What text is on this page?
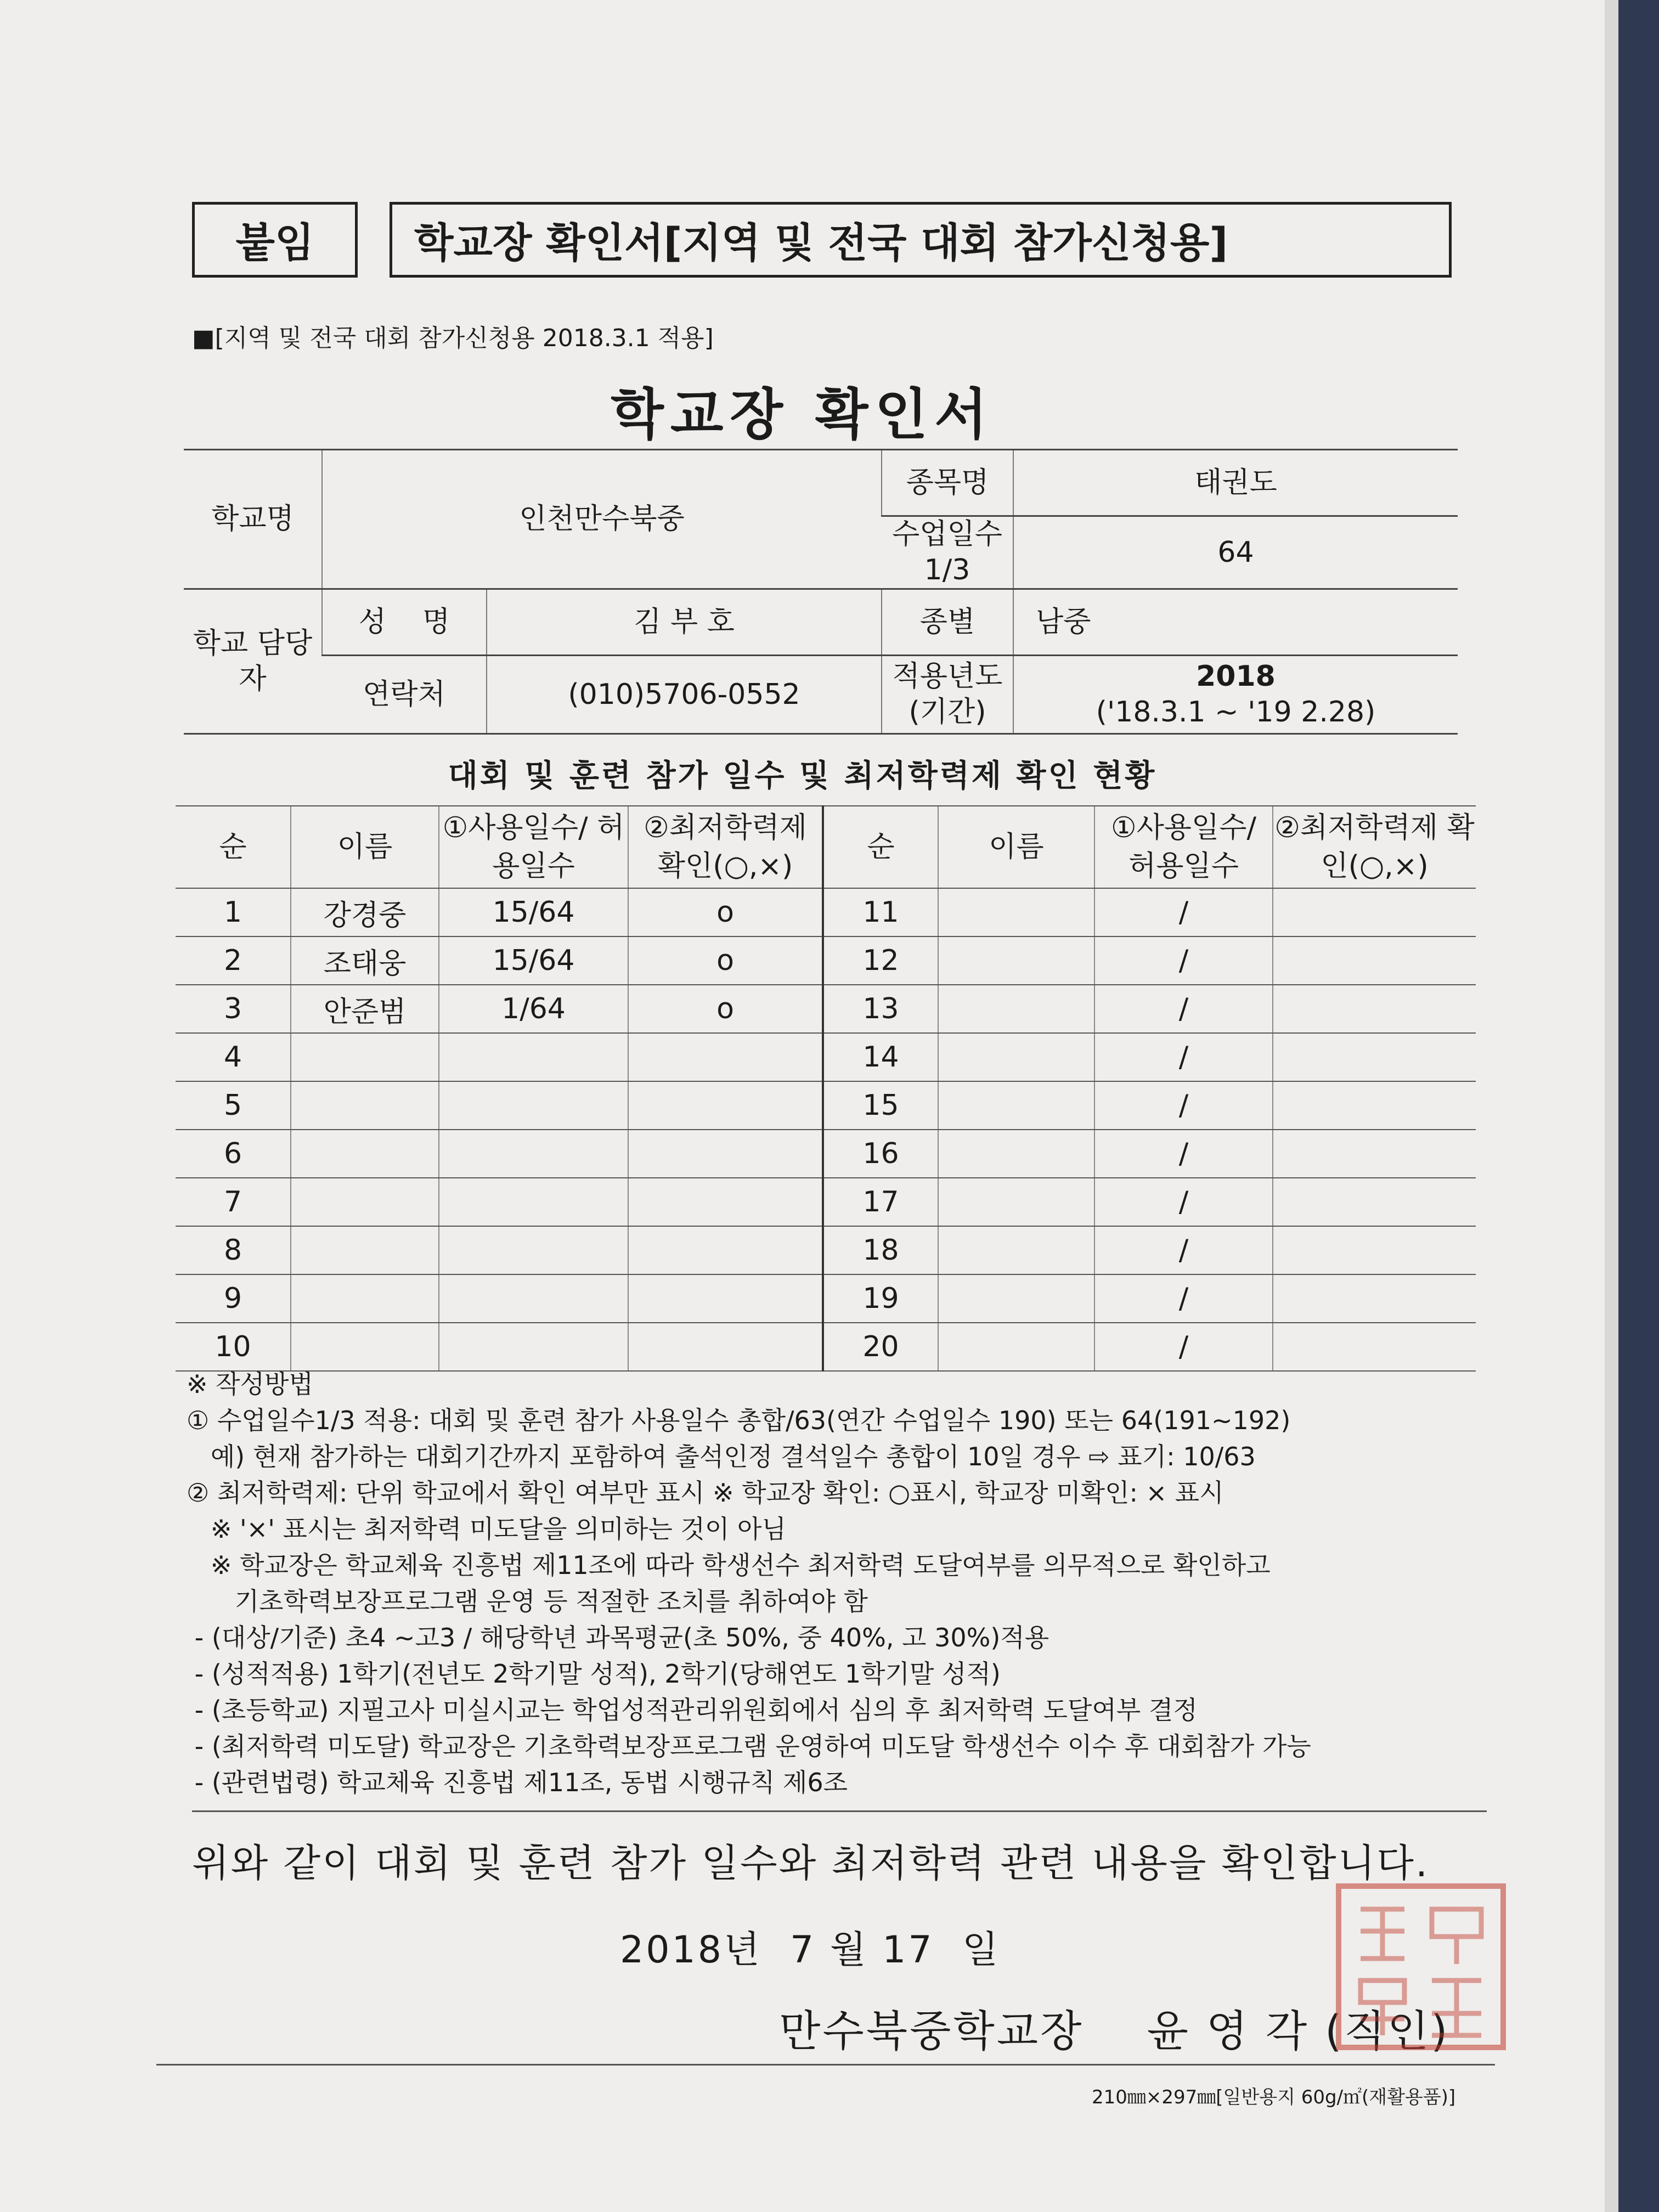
붙임	학교장 확인서[지역 및 전국 대회 참가신청용]
■[지역 및 전국 대회 참가신청용 2018.3.1 적용]
학교장 확인서
학교명	인천만수북중		종목명	태권도
			수업일수 1/3	64
학교 담당자	성    명	김 부 호	종별	남중
	연락처	(010)5706-0552	적용년도 (기간)	2018
('18.3.1 ~ '19 2.28)
대회 및 훈련 참가 일수 및 최저학력제 확인 현황
순	이름	①사용일수/ 허용일수	②최저학력제 확인(○,×)	순	이름	①사용일수/ 허용일수	②최저학력제 확인(○,×)
1	강경중	15/64	o	11		/	
2	조태웅	15/64	o	12		/	
3	안준범	1/64	o	13		/	
4				14		/	
5				15		/	
6				16		/	
7				17		/	
8				18		/	
9				19		/	
10				20		/	
※ 작성방법
① 수업일수1/3 적용: 대회 및 훈련 참가 사용일수 총합/63(연간 수업일수 190) 또는 64(191~192)
예) 현재 참가하는 대회기간까지 포함하여 출석인정 결석일수 총합이 10일 경우 ⇨ 표기: 10/63
② 최저학력제: 단위 학교에서 확인 여부만 표시 ※ 학교장 확인: ○표시, 학교장 미확인: × 표시
※ '×' 표시는 최저학력 미도달을 의미하는 것이 아님
※ 학교장은 학교체육 진흥법 제11조에 따라 학생선수 최저학력 도달여부를 의무적으로 확인하고
기초학력보장프로그램 운영 등 적절한 조치를 취하여야 함
- (대상/기준) 초4 ~고3 / 해당학년 과목평균(초 50%, 중 40%, 고 30%)적용
- (성적적용) 1학기(전년도 2학기말 성적), 2학기(당해연도 1학기말 성적)
- (초등학교) 지필고사 미실시교는 학업성적관리위원회에서 심의 후 최저학력 도달여부 결정
- (최저학력 미도달) 학교장은 기초학력보장프로그램 운영하여 미도달 학생선수 이수 후 대회참가 가능
- (관련법령) 학교체육 진흥법 제11조, 동법 시행규칙 제6조
위와 같이 대회 및 훈련 참가 일수와 최저학력 관련 내용을 확인합니다.
2018년  7 월 17  일
만수북중학교장    윤 영 각 (직인)
210㎜×297㎜[일반용지 60g/㎡(재활용품)]
